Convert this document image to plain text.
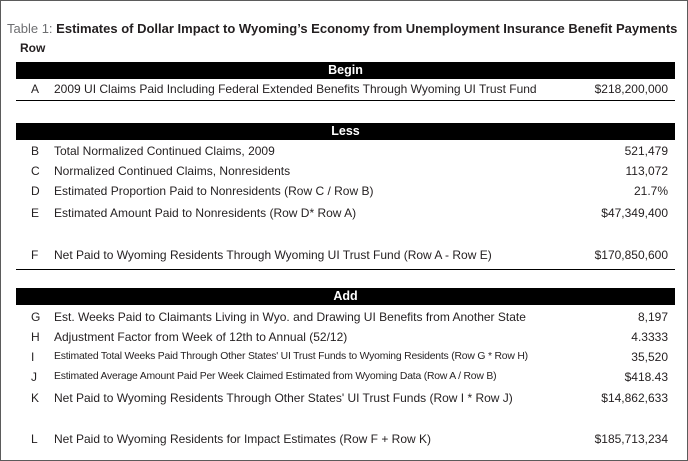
Table 1: Estimates of Dollar Impact to Wyoming’s Economy from Unemployment Insurance Benefit Payments
Row
Begin
A 2009 UI Claims Paid Including Federal Extended Benefits Through Wyoming UI Trust Fund	$218,200,000
Less
B Total Normalized Continued Claims, 2009	521,479
C Normalized Continued Claims, Nonresidents	113,072
D Estimated Proportion Paid to Nonresidents (Row C / Row B)	21.7%
E Estimated Amount Paid to Nonresidents (Row D* Row A)	$47,349,400
F Net Paid to Wyoming Residents Through Wyoming UI Trust Fund (Row A - Row E)	$170,850,600
Add
G Est. Weeks Paid to Claimants Living in Wyo. and Drawing UI Benefits from Another State	8,197
H Adjustment Factor from Week of 12th to Annual (52/12)	4.3333
I Estimated Total Weeks Paid Through Other States' UI Trust Funds to Wyoming Residents (Row G * Row H)	35,520
J Estimated Average Amount Paid Per Week Claimed Estimated from Wyoming Data (Row A / Row B)	$418.43
K Net Paid to Wyoming Residents Through Other States' UI Trust Funds (Row I * Row J)	$14,862,633
L Net Paid to Wyoming Residents for Impact Estimates (Row F + Row K)	$185,713,234
